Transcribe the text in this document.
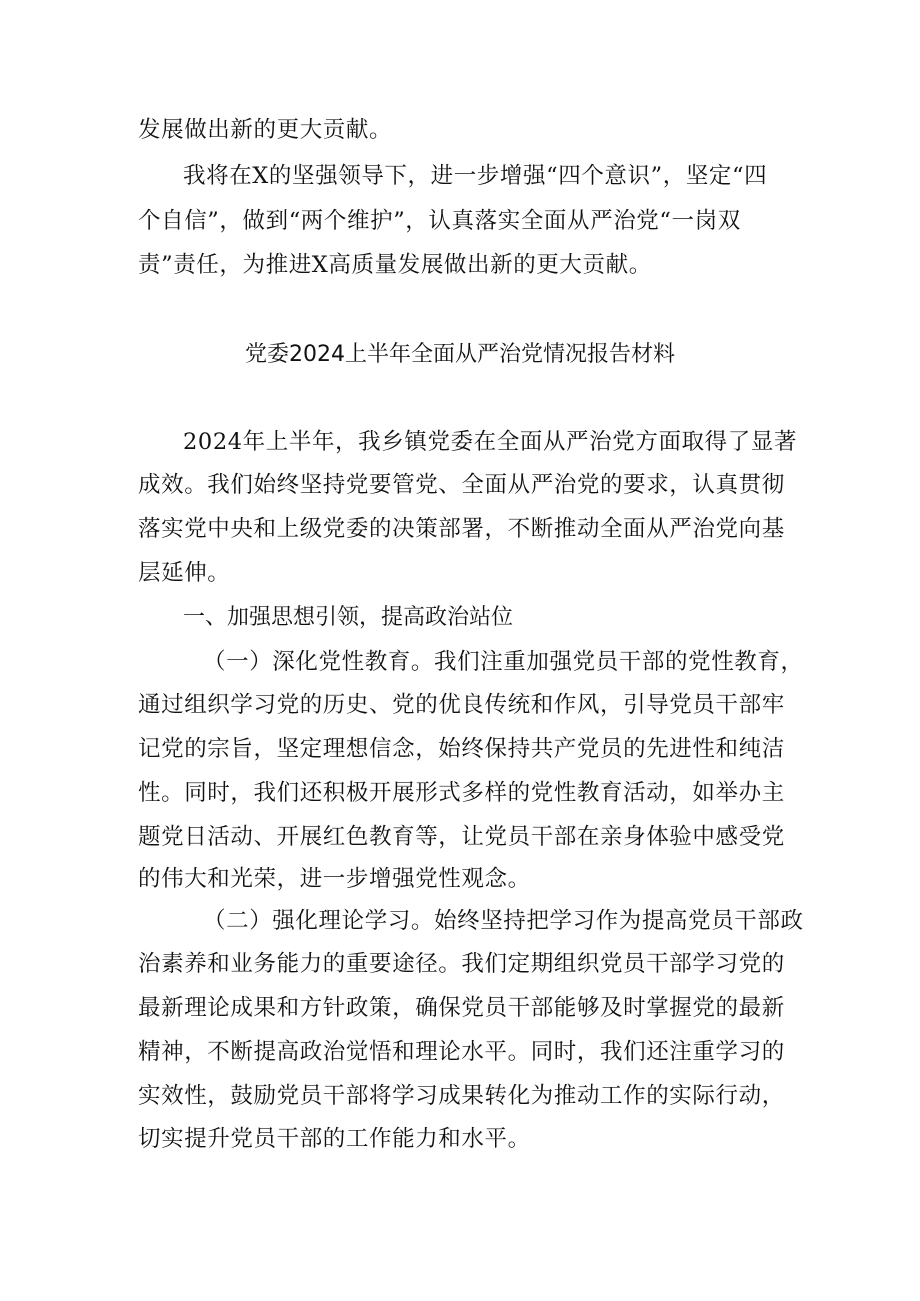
发展做出新的更大贡献。
我将在X的坚强领导下，进一步增强“四个意识”，坚定“四
个自信”，做到“两个维护”，认真落实全面从严治党“一岗双
责”责任，为推进X高质量发展做出新的更大贡献。
党委2024上半年全面从严治党情况报告材料
2024年上半年，我乡镇党委在全面从严治党方面取得了显著
成效。我们始终坚持党要管党、全面从严治党的要求，认真贯彻
落实党中央和上级党委的决策部署，不断推动全面从严治党向基
层延伸。
一、加强思想引领，提高政治站位
（一）深化党性教育。我们注重加强党员干部的党性教育，
通过组织学习党的历史、党的优良传统和作风，引导党员干部牢
记党的宗旨，坚定理想信念，始终保持共产党员的先进性和纯洁
性。同时，我们还积极开展形式多样的党性教育活动，如举办主
题党日活动、开展红色教育等，让党员干部在亲身体验中感受党
的伟大和光荣，进一步增强党性观念。
（二）强化理论学习。始终坚持把学习作为提高党员干部政
治素养和业务能力的重要途径。我们定期组织党员干部学习党的
最新理论成果和方针政策，确保党员干部能够及时掌握党的最新
精神，不断提高政治觉悟和理论水平。同时，我们还注重学习的
实效性，鼓励党员干部将学习成果转化为推动工作的实际行动，
切实提升党员干部的工作能力和水平。
